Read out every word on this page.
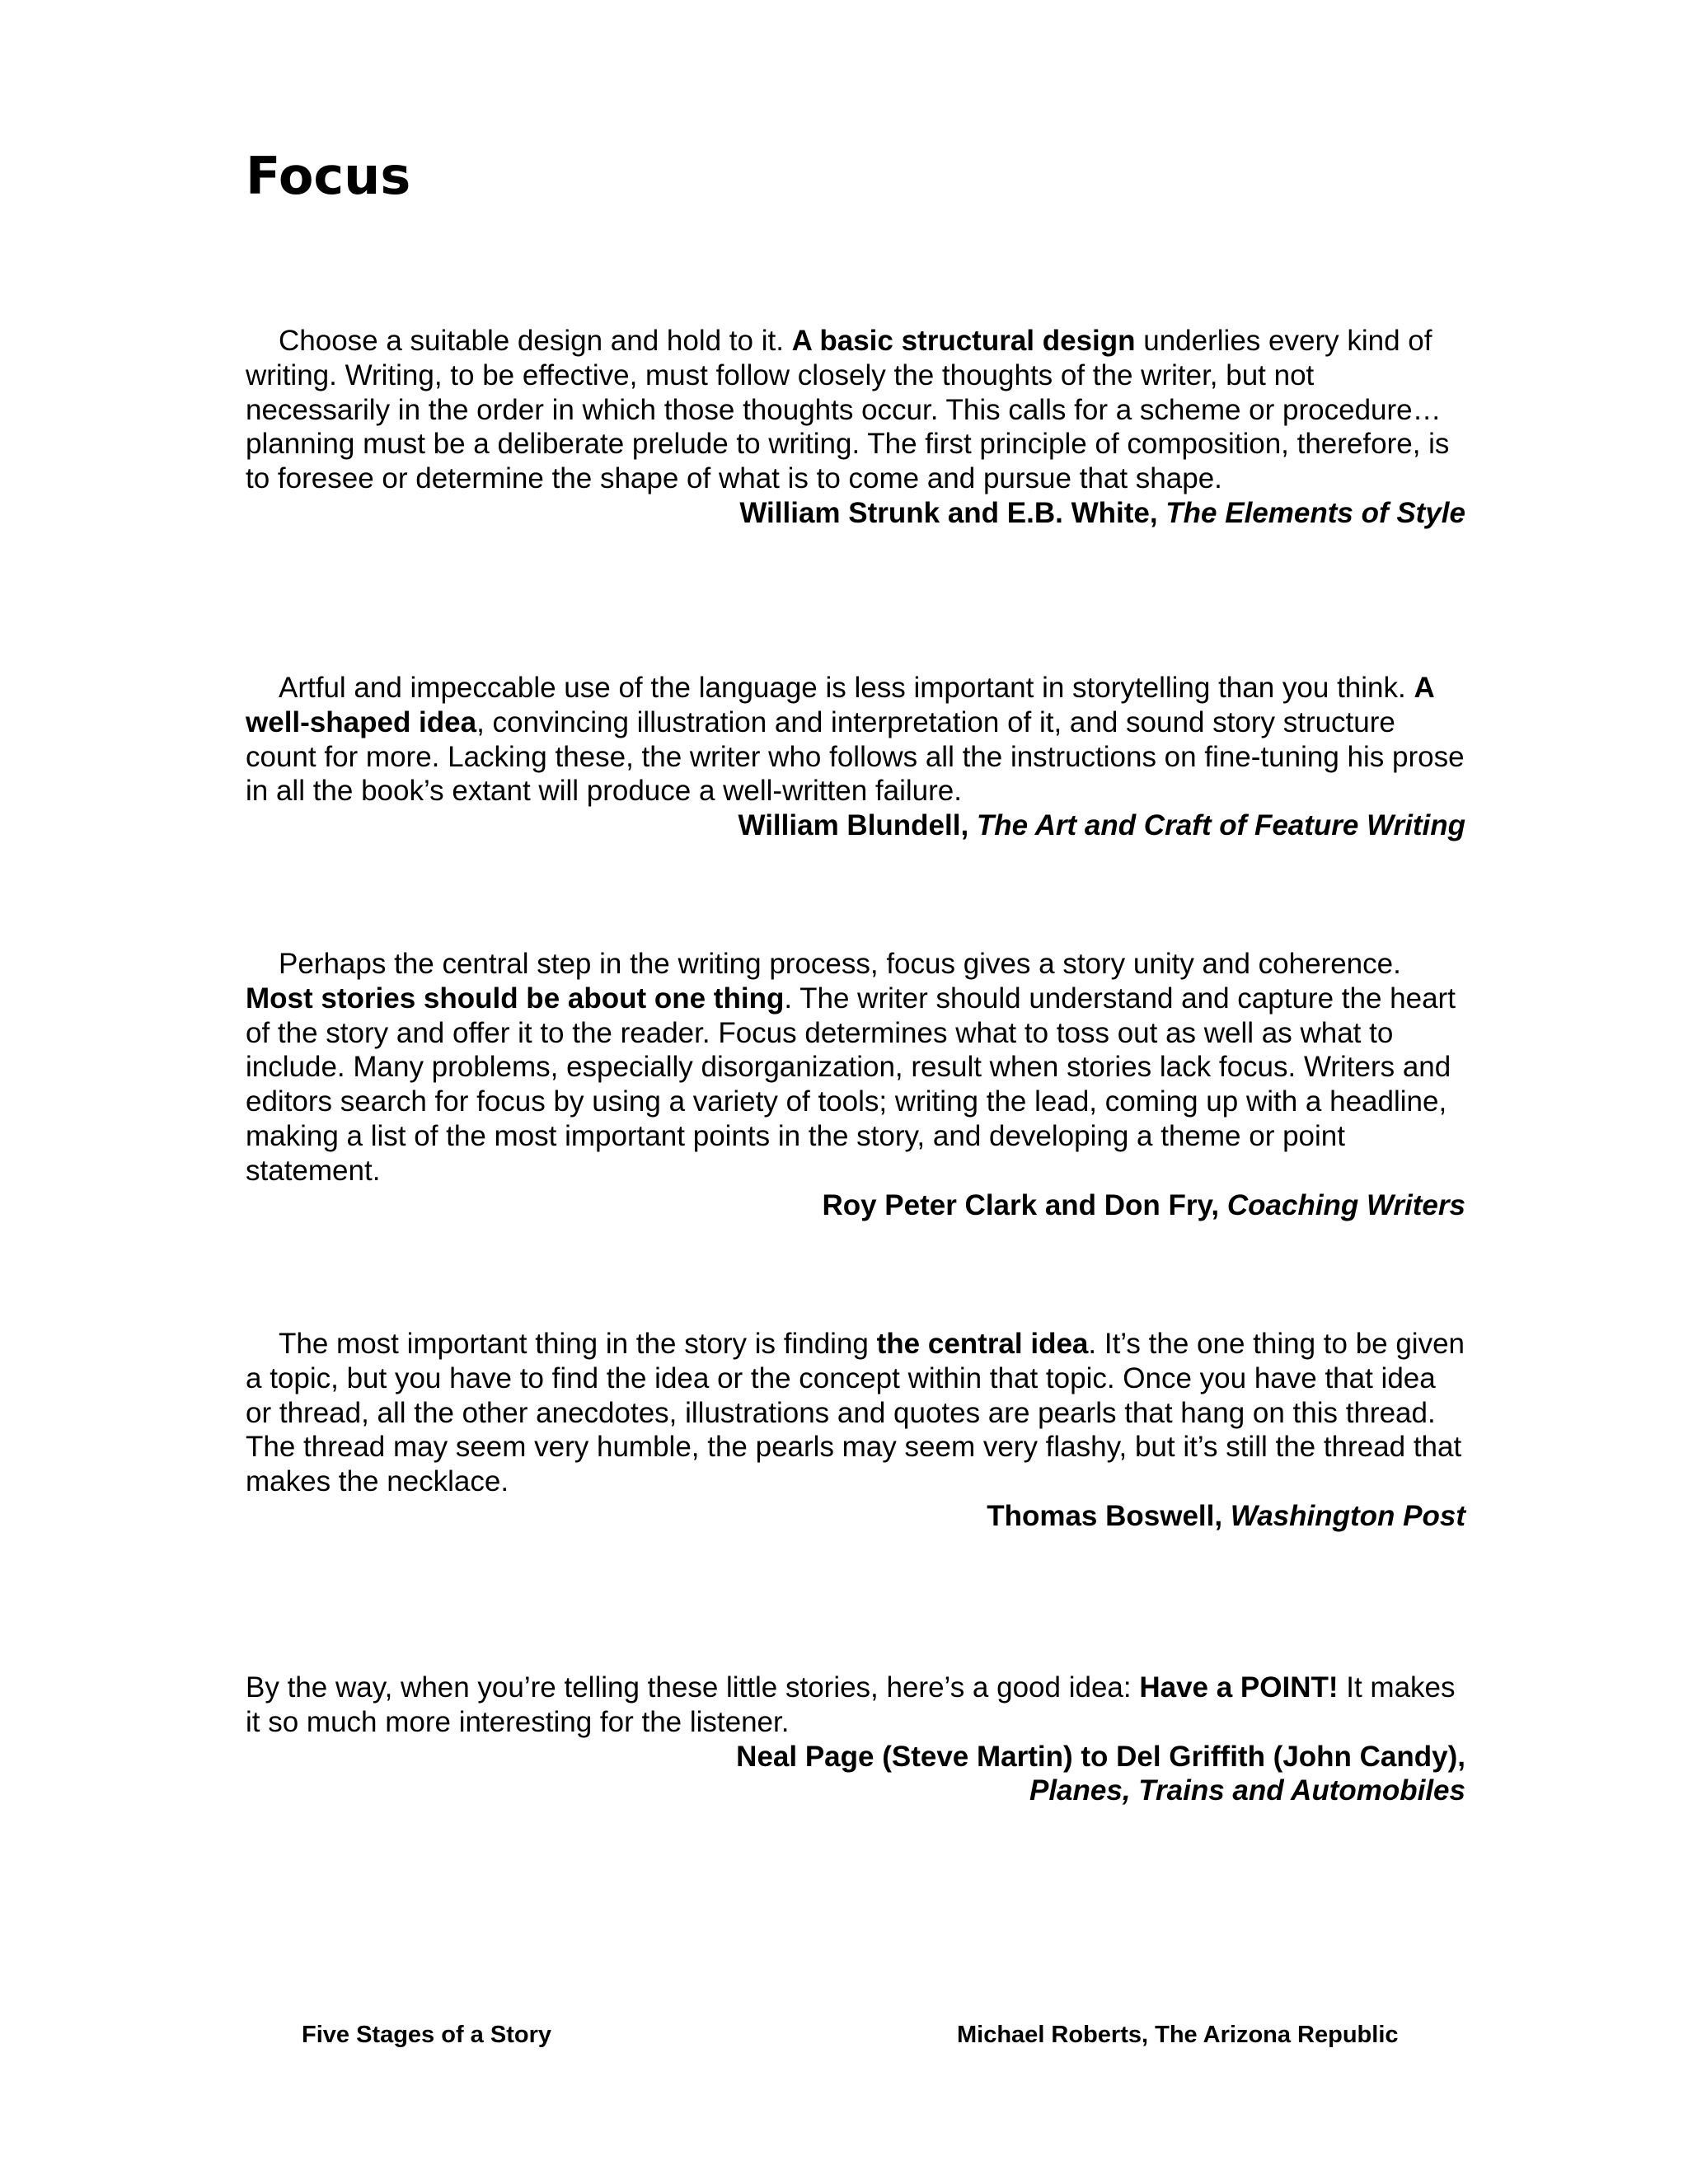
Focus

Choose a suitable design and hold to it. A basic structural design underlies every kind of writing. Writing, to be effective, must follow closely the thoughts of the writer, but not necessarily in the order in which those thoughts occur. This calls for a scheme or procedure…planning must be a deliberate prelude to writing. The first principle of composition, therefore, is to foresee or determine the shape of what is to come and pursue that shape.

William Strunk and E.B. White, The Elements of Style

Artful and impeccable use of the language is less important in storytelling than you think. A well-shaped idea, convincing illustration and interpretation of it, and sound story structure count for more. Lacking these, the writer who follows all the instructions on fine-tuning his prose in all the book’s extant will produce a well-written failure.

William Blundell, The Art and Craft of Feature Writing

Perhaps the central step in the writing process, focus gives a story unity and coherence. Most stories should be about one thing. The writer should understand and capture the heart of the story and offer it to the reader. Focus determines what to toss out as well as what to include. Many problems, especially disorganization, result when stories lack focus. Writers and editors search for focus by using a variety of tools; writing the lead, coming up with a headline, making a list of the most important points in the story, and developing a theme or point statement.

Roy Peter Clark and Don Fry, Coaching Writers

The most important thing in the story is finding the central idea. It’s the one thing to be given a topic, but you have to find the idea or the concept within that topic. Once you have that idea or thread, all the other anecdotes, illustrations and quotes are pearls that hang on this thread. The thread may seem very humble, the pearls may seem very flashy, but it’s still the thread that makes the necklace.

Thomas Boswell, Washington Post

By the way, when you’re telling these little stories, here’s a good idea: Have a POINT! It makes it so much more interesting for the listener.

Neal Page (Steve Martin) to Del Griffith (John Candy),

Planes, Trains and Automobiles

Five Stages of a Story	Michael Roberts, The Arizona Republic
